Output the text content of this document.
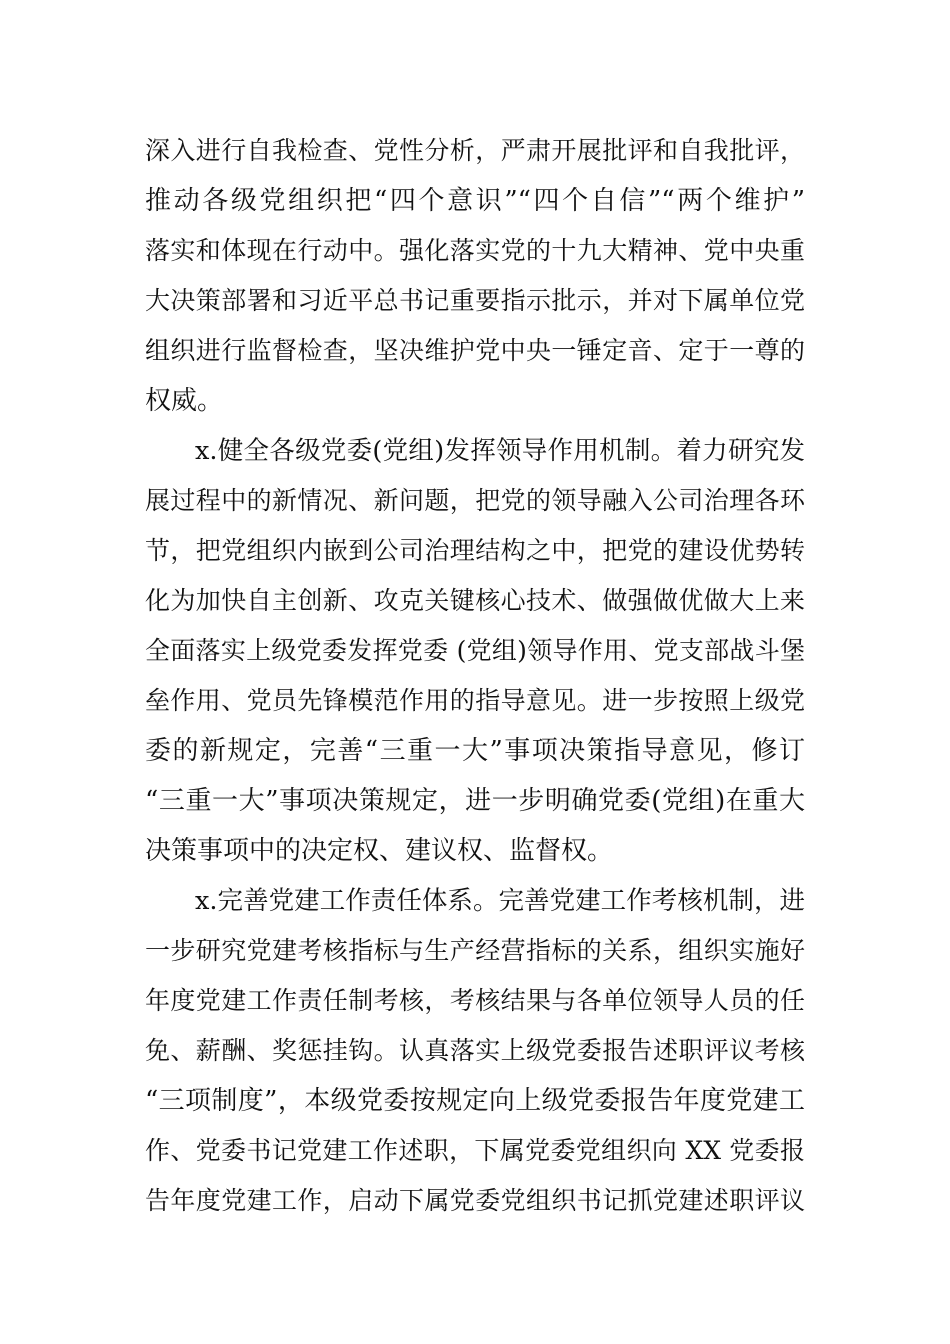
深入进行自我检查、党性分析，严肃开展批评和自我批评，
推动各级党组织把“四个意识”“四个自信”“两个维护”
落实和体现在行动中。强化落实党的十九大精神、党中央重
大决策部署和习近平总书记重要指示批示，并对下属单位党
组织进行监督检查，坚决维护党中央一锤定音、定于一尊的
权威。
x.健全各级党委(党组)发挥领导作用机制。着力研究发
展过程中的新情况、新问题，把党的领导融入公司治理各环
节，把党组织内嵌到公司治理结构之中，把党的建设优势转
化为加快自主创新、攻克关键核心技术、做强做优做大上来
全面落实上级党委发挥党委 (党组)领导作用、党支部战斗堡
垒作用、党员先锋模范作用的指导意见。进一步按照上级党
委的新规定，完善“三重一大”事项决策指导意见，修订
“三重一大”事项决策规定，进一步明确党委(党组)在重大
决策事项中的决定权、建议权、监督权。
x.完善党建工作责任体系。完善党建工作考核机制，进
一步研究党建考核指标与生产经营指标的关系，组织实施好
年度党建工作责任制考核，考核结果与各单位领导人员的任
免、薪酬、奖惩挂钩。认真落实上级党委报告述职评议考核
“三项制度”，本级党委按规定向上级党委报告年度党建工
作、党委书记党建工作述职，下属党委党组织向 XX 党委报
告年度党建工作，启动下属党委党组织书记抓党建述职评议
